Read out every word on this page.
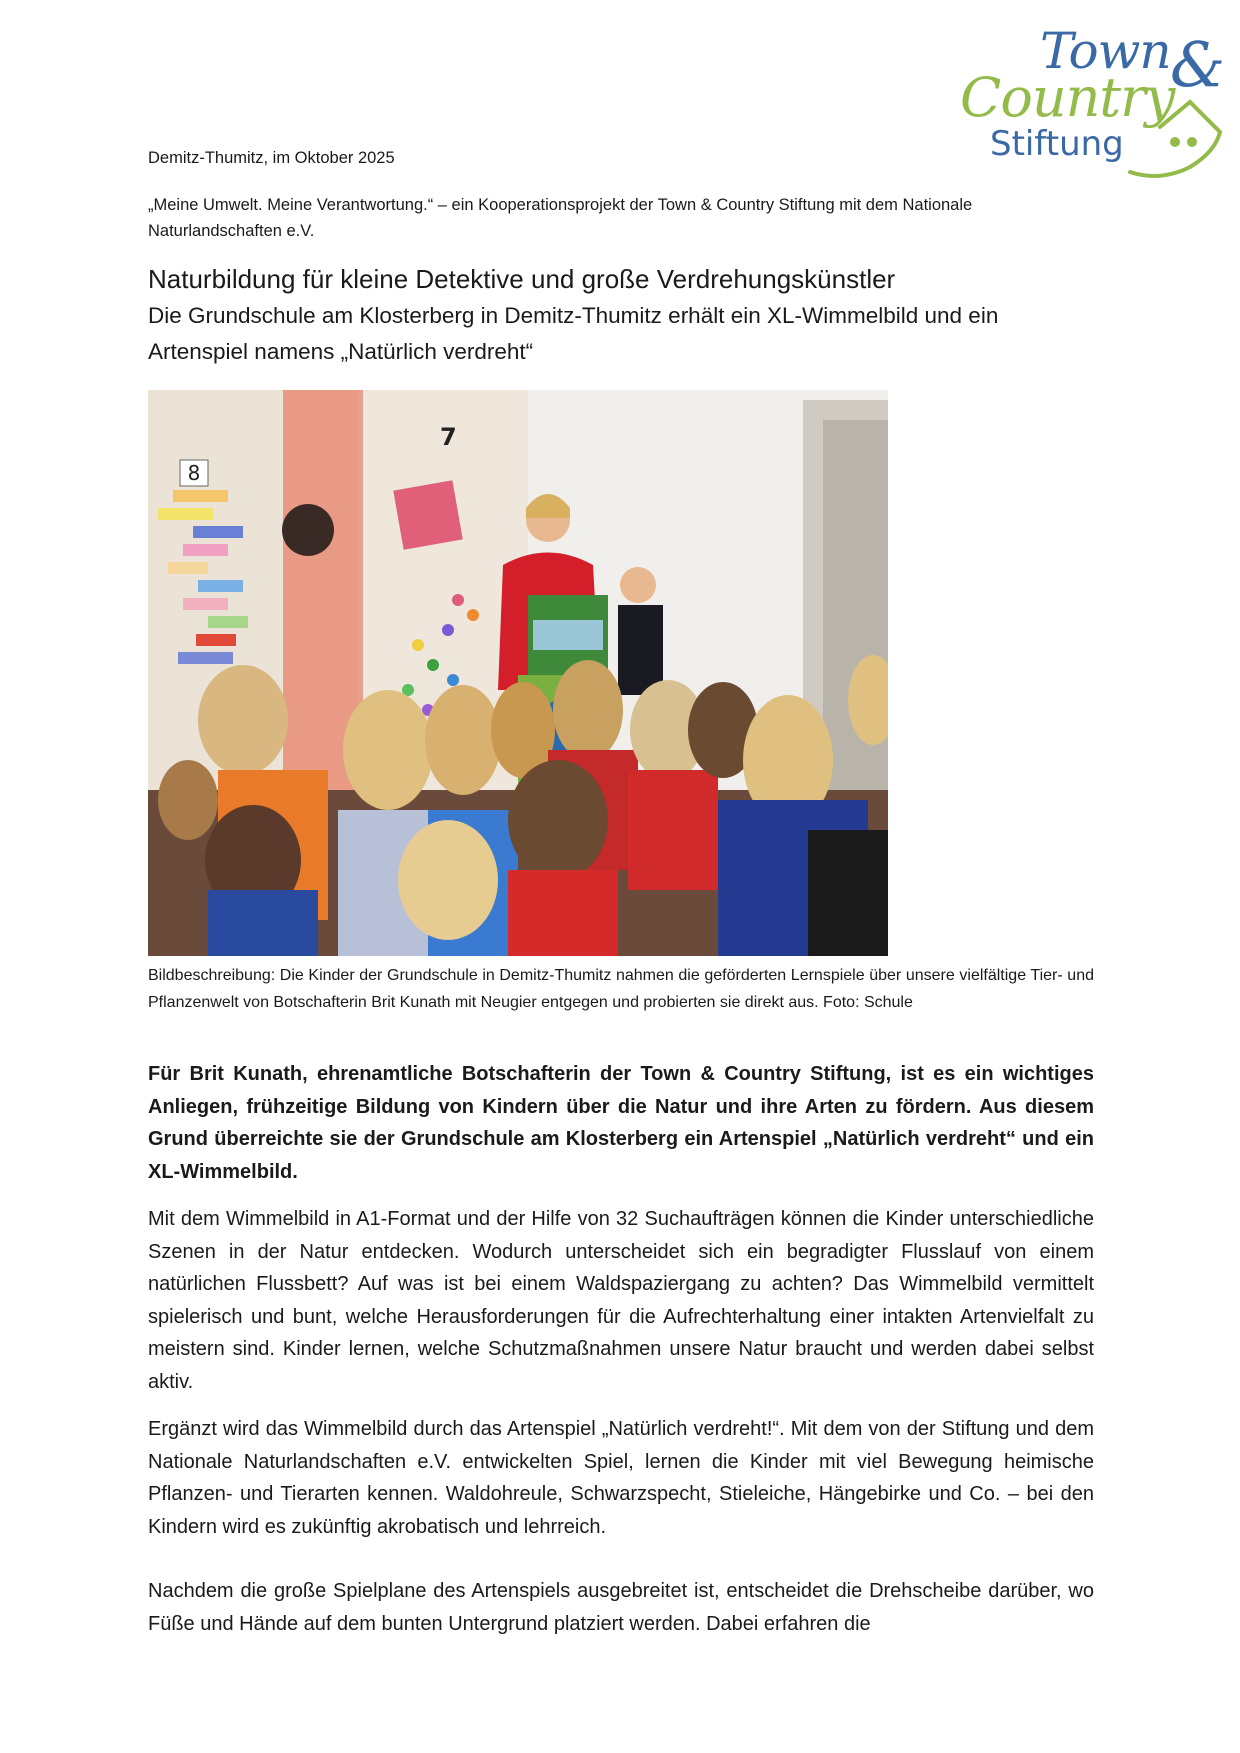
Town &
Country
Stiftung
Demitz-Thumitz, im Oktober 2025
„Meine Umwelt. Meine Verantwortung.“ – ein Kooperationsprojekt der Town & Country Stiftung mit dem Nationale Naturlandschaften e.V.
Naturbildung für kleine Detektive und große Verdrehungskünstler
Die Grundschule am Klosterberg in Demitz-Thumitz erhält ein XL-Wimmelbild und ein Artenspiel namens „Natürlich verdreht“
8
7
Bildbeschreibung: Die Kinder der Grundschule in Demitz-Thumitz nahmen die geförderten Lernspiele über unsere vielfältige Tier- und Pflanzenwelt von Botschafterin Brit Kunath mit Neugier entgegen und probierten sie direkt aus. Foto: Schule
Für Brit Kunath, ehrenamtliche Botschafterin der Town & Country Stiftung, ist es ein wichtiges Anliegen, frühzeitige Bildung von Kindern über die Natur und ihre Arten zu fördern. Aus diesem Grund überreichte sie der Grundschule am Klosterberg ein Artenspiel „Natürlich verdreht“ und ein XL-Wimmelbild.
Mit dem Wimmelbild in A1-Format und der Hilfe von 32 Suchaufträgen können die Kinder unterschiedliche Szenen in der Natur entdecken. Wodurch unterscheidet sich ein begradigter Flusslauf von einem natürlichen Flussbett? Auf was ist bei einem Waldspaziergang zu achten? Das Wimmelbild vermittelt spielerisch und bunt, welche Herausforderungen für die Aufrechterhaltung einer intakten Artenvielfalt zu meistern sind. Kinder lernen, welche Schutzmaßnahmen unsere Natur braucht und werden dabei selbst aktiv.
Ergänzt wird das Wimmelbild durch das Artenspiel „Natürlich verdreht!“. Mit dem von der Stiftung und dem Nationale Naturlandschaften e.V. entwickelten Spiel, lernen die Kinder mit viel Bewegung heimische Pflanzen- und Tierarten kennen. Waldohreule, Schwarzspecht, Stieleiche, Hängebirke und Co. – bei den Kindern wird es zukünftig akrobatisch und lehrreich.
Nachdem die große Spielplane des Artenspiels ausgebreitet ist, entscheidet die Drehscheibe darüber, wo Füße und Hände auf dem bunten Untergrund platziert werden. Dabei erfahren die
